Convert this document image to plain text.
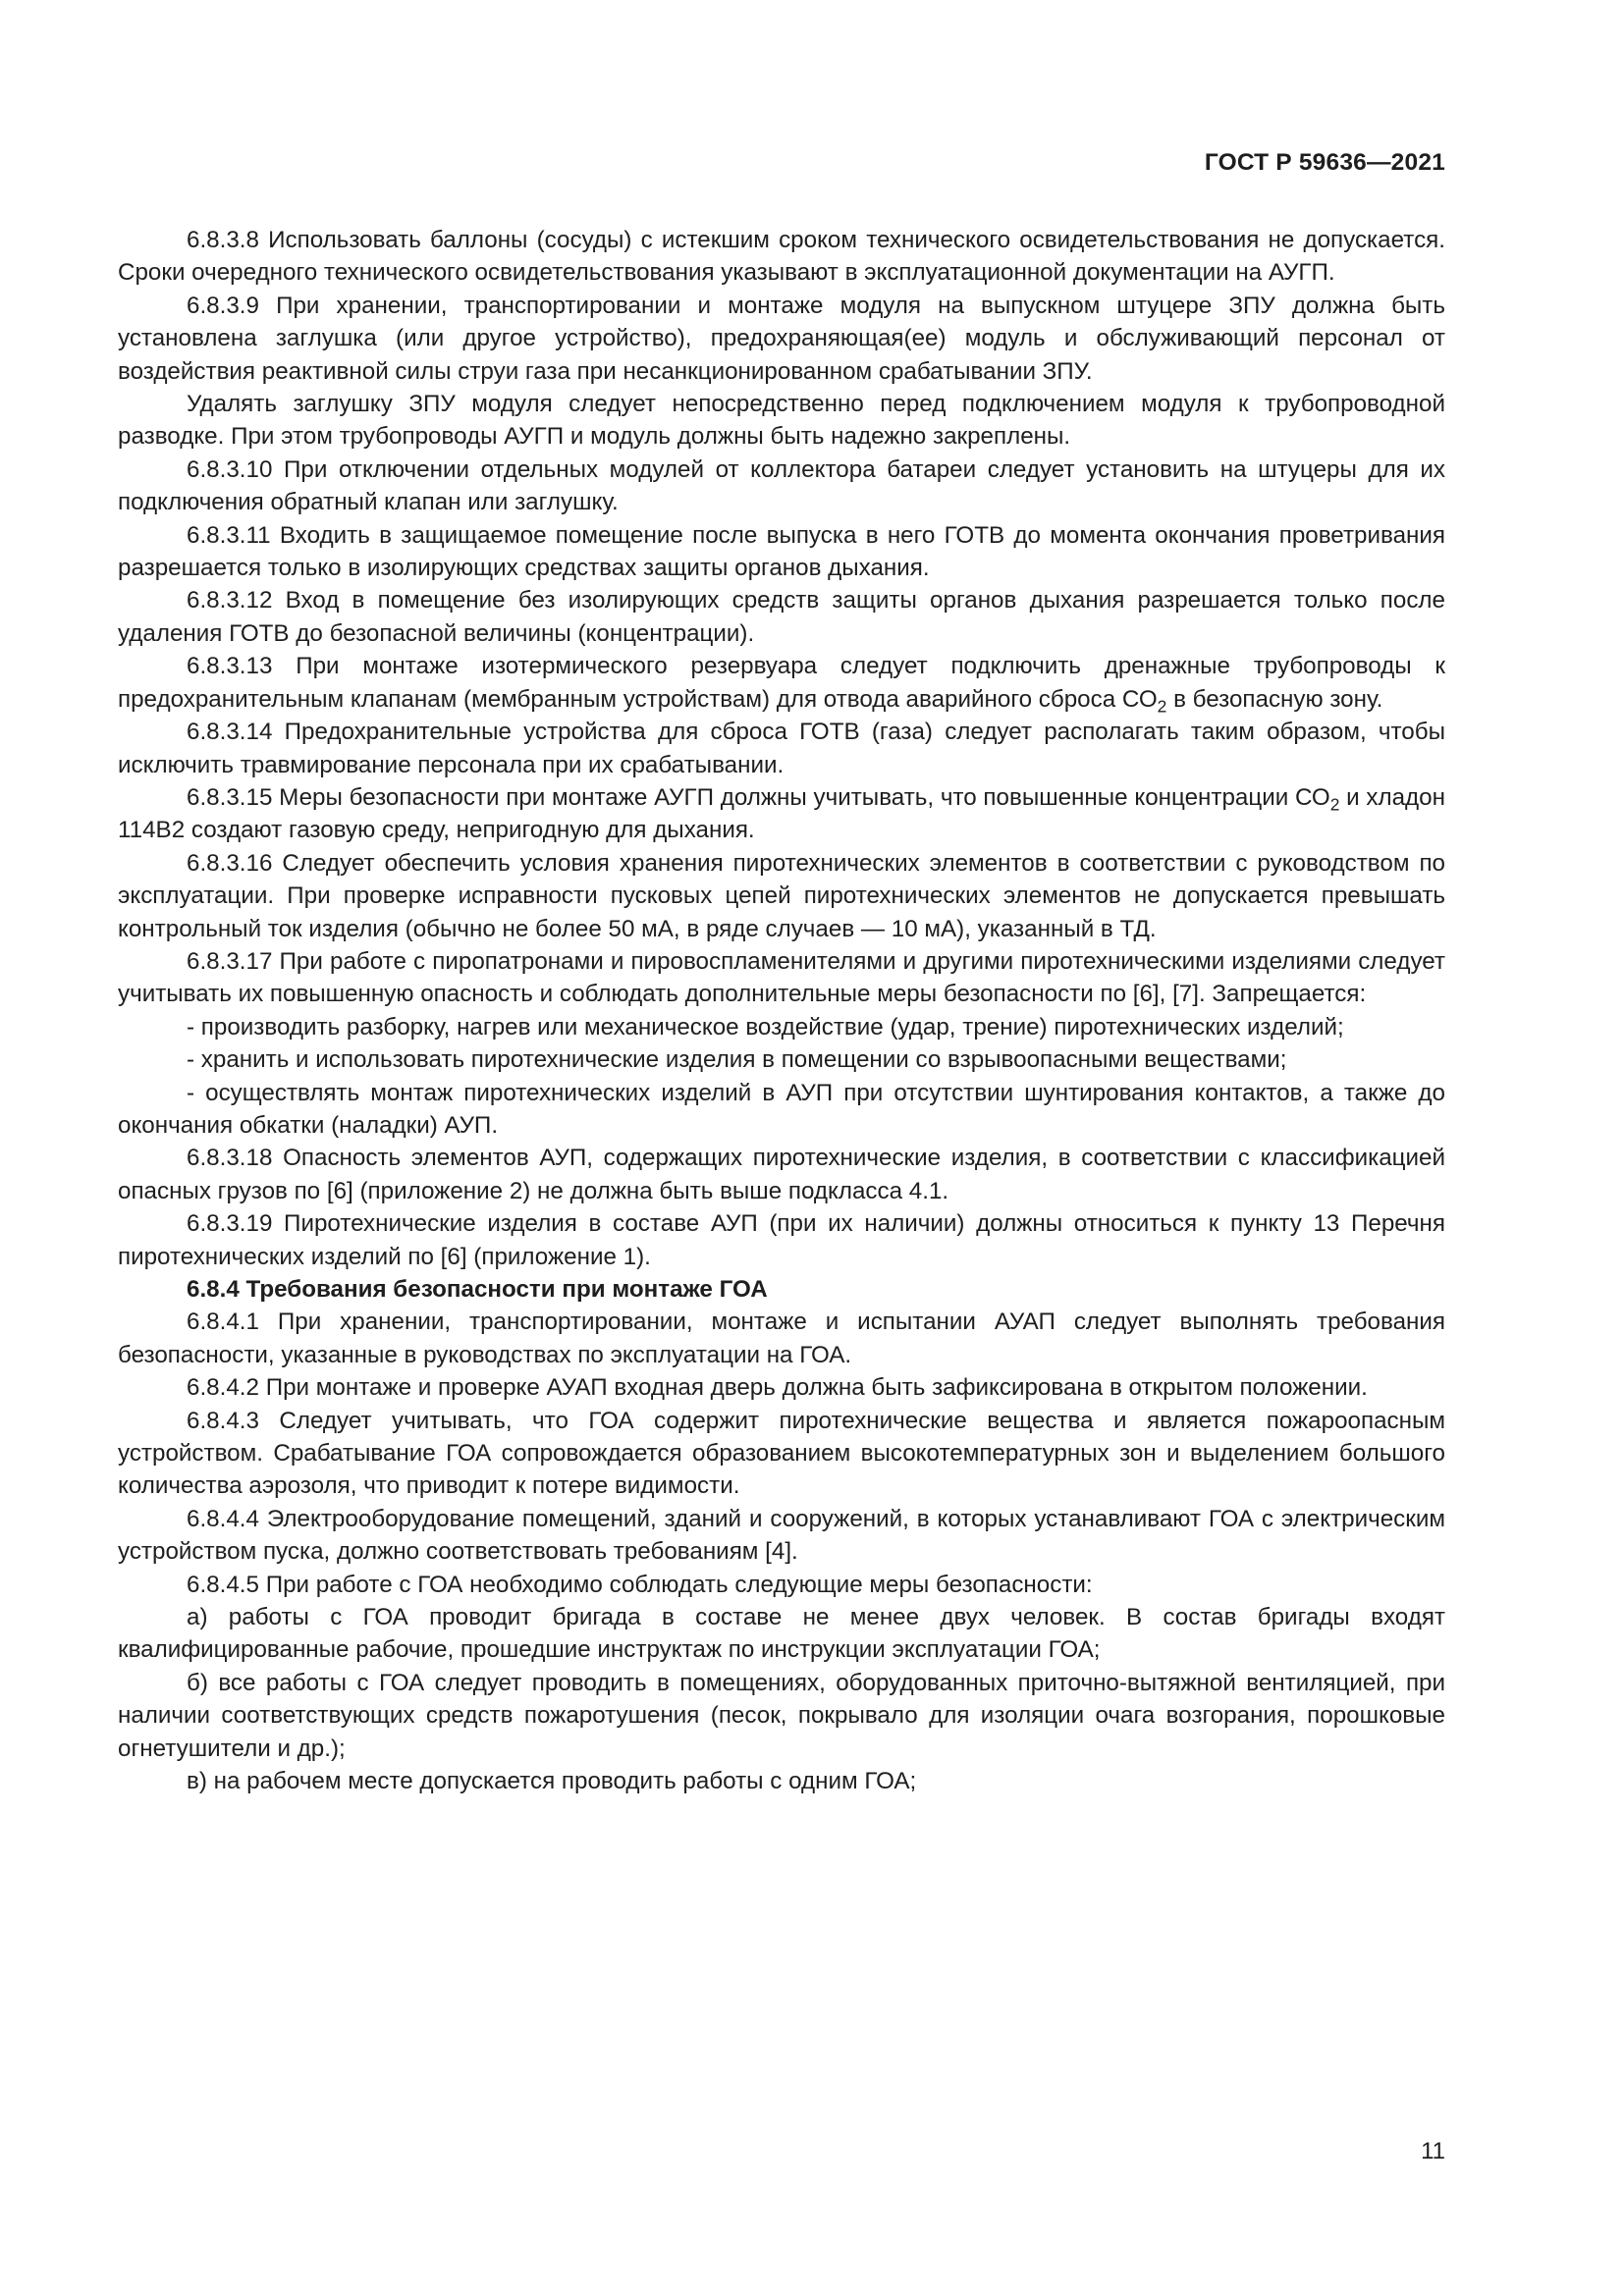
ГОСТ Р 59636—2021

6.8.3.8 Использовать баллоны (сосуды) с истекшим сроком технического освидетельствования не допускается. Сроки очередного технического освидетельствования указывают в эксплуатационной документации на АУГП.

6.8.3.9 При хранении, транспортировании и монтаже модуля на выпускном штуцере ЗПУ должна быть установлена заглушка (или другое устройство), предохраняющая(ее) модуль и обслуживающий персонал от воздействия реактивной силы струи газа при несанкционированном срабатывании ЗПУ.

Удалять заглушку ЗПУ модуля следует непосредственно перед подключением модуля к трубопроводной разводке. При этом трубопроводы АУГП и модуль должны быть надежно закреплены.

6.8.3.10 При отключении отдельных модулей от коллектора батареи следует установить на штуцеры для их подключения обратный клапан или заглушку.

6.8.3.11 Входить в защищаемое помещение после выпуска в него ГОТВ до момента окончания проветривания разрешается только в изолирующих средствах защиты органов дыхания.

6.8.3.12 Вход в помещение без изолирующих средств защиты органов дыхания разрешается только после удаления ГОТВ до безопасной величины (концентрации).

6.8.3.13 При монтаже изотермического резервуара следует подключить дренажные трубопроводы к предохранительным клапанам (мембранным устройствам) для отвода аварийного сброса $СО_2$ в безопасную зону.

6.8.3.14 Предохранительные устройства для сброса ГОТВ (газа) следует располагать таким образом, чтобы исключить травмирование персонала при их срабатывании.

6.8.3.15 Меры безопасности при монтаже АУГП должны учитывать, что повышенные концентрации $СО_2$ и хладон 114В2 создают газовую среду, непригодную для дыхания.

6.8.3.16 Следует обеспечить условия хранения пиротехнических элементов в соответствии с руководством по эксплуатации. При проверке исправности пусковых цепей пиротехнических элементов не допускается превышать контрольный ток изделия (обычно не более 50 мА, в ряде случаев — 10 мА), указанный в ТД.

6.8.3.17 При работе с пиропатронами и пировоспламенителями и другими пиротехническими изделиями следует учитывать их повышенную опасность и соблюдать дополнительные меры безопасности по [6], [7]. Запрещается:

- производить разборку, нагрев или механическое воздействие (удар, трение) пиротехнических изделий;

- хранить и использовать пиротехнические изделия в помещении со взрывоопасными веществами;

- осуществлять монтаж пиротехнических изделий в АУП при отсутствии шунтирования контактов, а также до окончания обкатки (наладки) АУП.

6.8.3.18 Опасность элементов АУП, содержащих пиротехнические изделия, в соответствии с классификацией опасных грузов по [6] (приложение 2) не должна быть выше подкласса 4.1.

6.8.3.19 Пиротехнические изделия в составе АУП (при их наличии) должны относиться к пункту 13 Перечня пиротехнических изделий по [6] (приложение 1).

6.8.4 Требования безопасности при монтаже ГОА

6.8.4.1 При хранении, транспортировании, монтаже и испытании АУАП следует выполнять требования безопасности, указанные в руководствах по эксплуатации на ГОА.

6.8.4.2 При монтаже и проверке АУАП входная дверь должна быть зафиксирована в открытом положении.

6.8.4.3 Следует учитывать, что ГОА содержит пиротехнические вещества и является пожароопасным устройством. Срабатывание ГОА сопровождается образованием высокотемпературных зон и выделением большого количества аэрозоля, что приводит к потере видимости.

6.8.4.4 Электрооборудование помещений, зданий и сооружений, в которых устанавливают ГОА с электрическим устройством пуска, должно соответствовать требованиям [4].

6.8.4.5 При работе с ГОА необходимо соблюдать следующие меры безопасности:

а) работы с ГОА проводит бригада в составе не менее двух человек. В состав бригады входят квалифицированные рабочие, прошедшие инструктаж по инструкции эксплуатации ГОА;

б) все работы с ГОА следует проводить в помещениях, оборудованных приточно-вытяжной вентиляцией, при наличии соответствующих средств пожаротушения (песок, покрывало для изоляции очага возгорания, порошковые огнетушители и др.);

в) на рабочем месте допускается проводить работы с одним ГОА;

11
